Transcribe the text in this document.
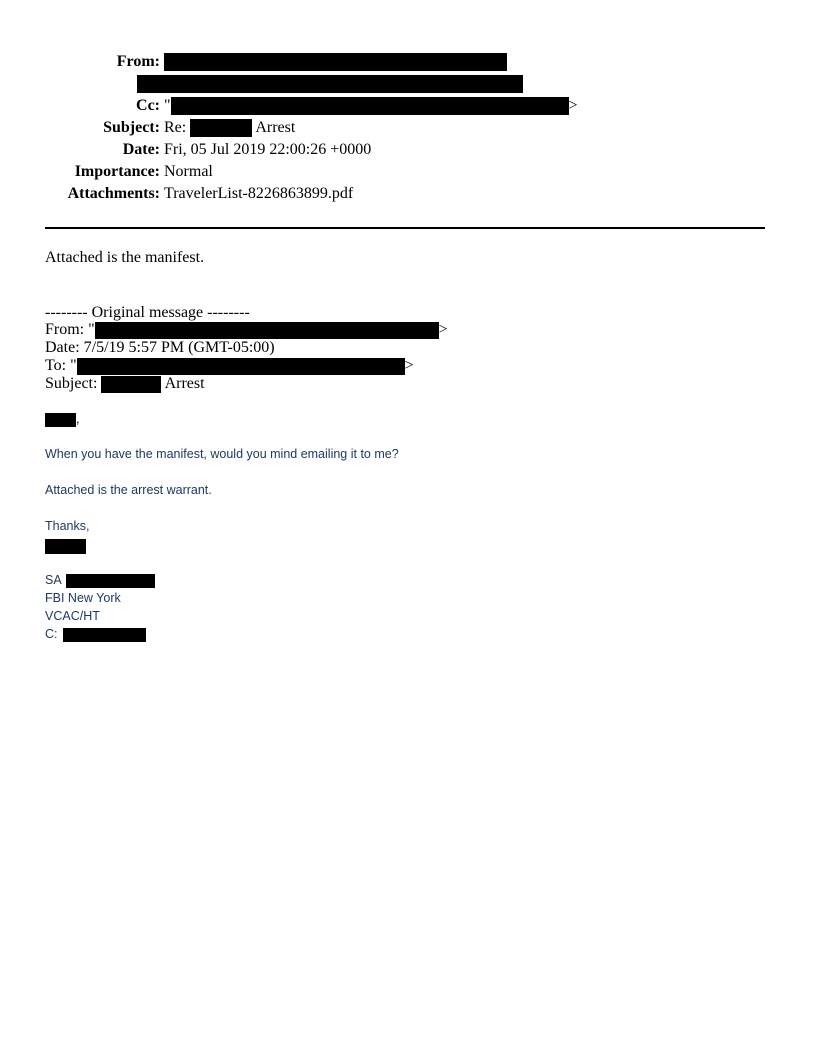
From:
Cc: "	>
Subject: Re:	Arrest
Date: Fri, 05 Jul 2019 22:00:26 +0000
Importance: Normal
Attachments: TravelerList-8226863899.pdf
Attached is the manifest.
-------- Original message --------
From: "	>
Date: 7/5/19 5:57 PM (GMT-05:00)
To: "	>
Subject:	Arrest
,
When you have the manifest, would you mind emailing it to me?
Attached is the arrest warrant.
Thanks,
SA
FBI New York
VCAC/HT
C:
